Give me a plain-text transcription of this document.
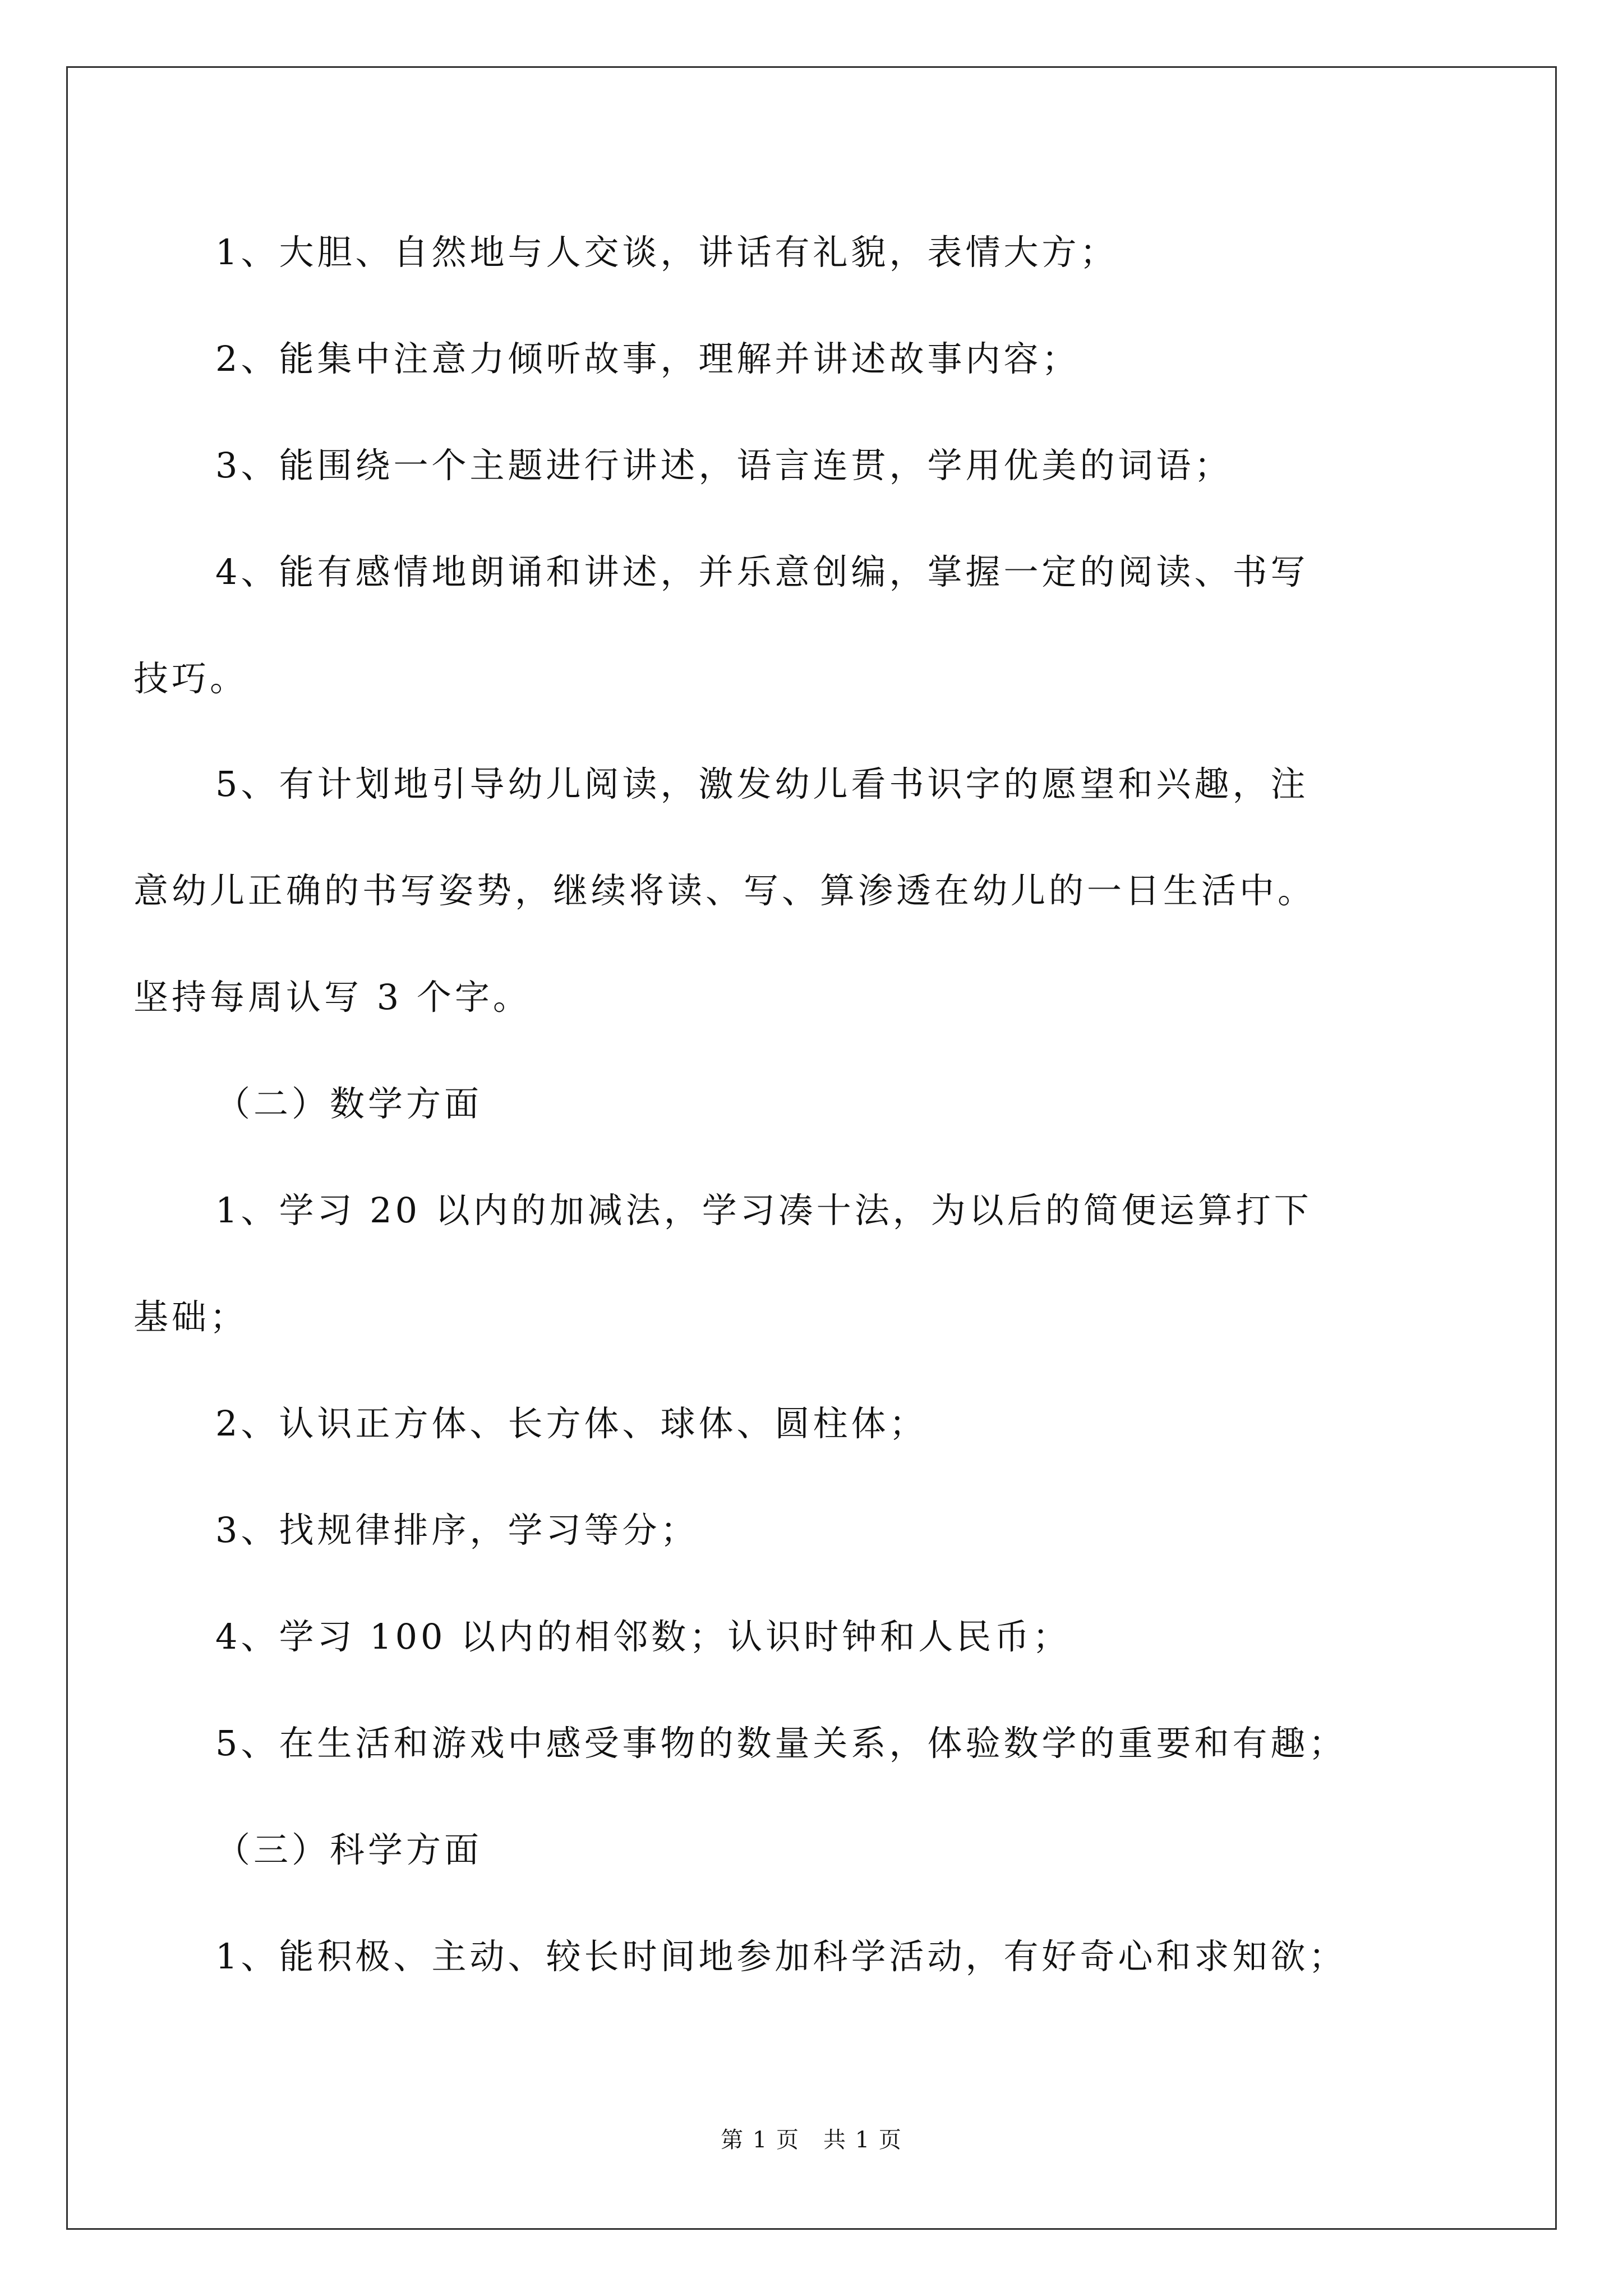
1、大胆、自然地与人交谈，讲话有礼貌，表情大方；
2、能集中注意力倾听故事，理解并讲述故事内容；
3、能围绕一个主题进行讲述，语言连贯，学用优美的词语；
4、能有感情地朗诵和讲述，并乐意创编，掌握一定的阅读、书写
技巧。
5、有计划地引导幼儿阅读，激发幼儿看书识字的愿望和兴趣，注
意幼儿正确的书写姿势，继续将读、写、算渗透在幼儿的一日生活中。
坚持每周认写 3 个字。
（二）数学方面
1、学习 20 以内的加减法，学习凑十法，为以后的简便运算打下
基础；
2、认识正方体、长方体、球体、圆柱体；
3、找规律排序，学习等分；
4、学习 100 以内的相邻数；认识时钟和人民币；
5、在生活和游戏中感受事物的数量关系，体验数学的重要和有趣；
（三）科学方面
1、能积极、主动、较长时间地参加科学活动，有好奇心和求知欲；
第 1 页　共 1 页
